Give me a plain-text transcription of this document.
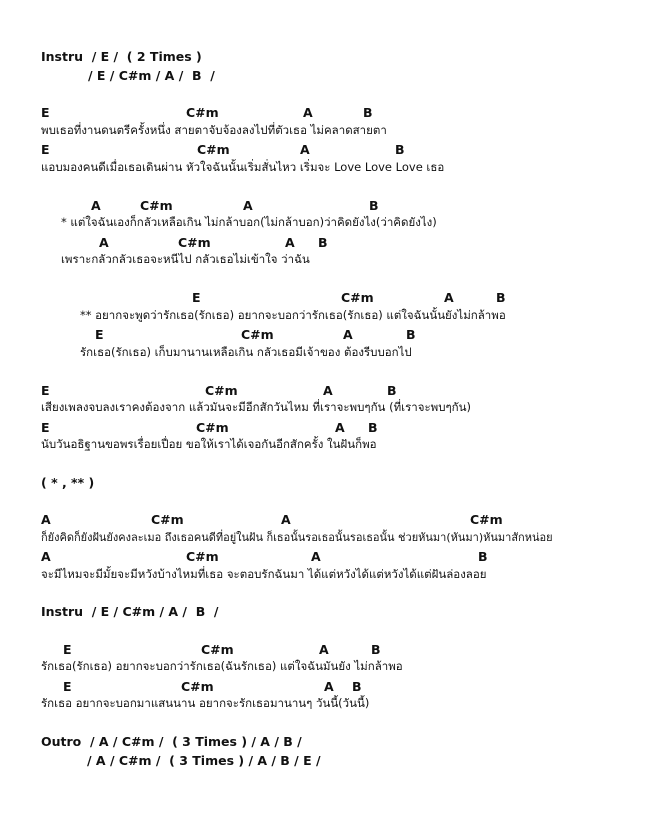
Instru  / E /  ( 2 Times )
/ E / C#m / A /  B  /
E	C#m	A	B
พบเธอที่งานดนตรีครั้งหนึ่ง สายตาจับจ้องลงไปที่ตัวเธอ ไม่คลาดสายตา
E	C#m	A	B
แอบมองคนดีเมื่อเธอเดินผ่าน หัวใจฉันนั้นเริ่มสั่นไหว เริ่มจะ Love Love Love เธอ
A	C#m	A	B
* แต่ใจฉันเองก็กลัวเหลือเกิน ไม่กล้าบอก(ไม่กล้าบอก)ว่าคิดยังไง(ว่าคิดยังไง)
A	C#m	A B
เพราะกลัวกลัวเธอจะหนีไป กลัวเธอไม่เข้าใจ ว่าฉัน
E	C#m	A	B
** อยากจะพูดว่ารักเธอ(รักเธอ) อยากจะบอกว่ารักเธอ(รักเธอ) แต่ใจฉันนั้นยังไม่กล้าพอ
E	C#m	A	B
รักเธอ(รักเธอ) เก็บมานานเหลือเกิน กลัวเธอมีเจ้าของ ต้องรีบบอกไป
E	C#m	A	B
เสียงเพลงจบลงเราคงต้องจาก แล้วมันจะมีอีกสักวันไหม ที่เราจะพบๆกัน (ที่เราจะพบๆกัน)
E	C#m	A B
นับวันอธิฐานขอพรเรื่อยเปื่อย ขอให้เราได้เจอกันอีกสักครั้ง ในฝันก็พอ
( * , ** )
A	C#m	A	C#m
ก็ยังคิดก็ยังฝันยังคงละเมอ ถึงเธอคนดีที่อยู่ในฝัน ก็เธอนั้นรอเธอนั้นรอเธอนั้น ช่วยหันมา(หันมา)หันมาสักหน่อย
A	C#m	A	B
จะมีไหมจะมีมั้ยจะมีหวังบ้างไหมที่เธอ จะตอบรักฉันมา ได้แต่หวังได้แต่หวังได้แต่ฝันล่องลอย
Instru  / E / C#m / A /  B  /
E	C#m	A	B
รักเธอ(รักเธอ) อยากจะบอกว่ารักเธอ(ฉันรักเธอ) แต่ใจฉันมันยัง ไม่กล้าพอ
E	C#m	A B
รักเธอ อยากจะบอกมาแสนนาน อยากจะรักเธอมานานๆ วันนี้(วันนี้)
Outro  / A / C#m /  ( 3 Times ) / A / B /
/ A / C#m /  ( 3 Times ) / A / B / E /
